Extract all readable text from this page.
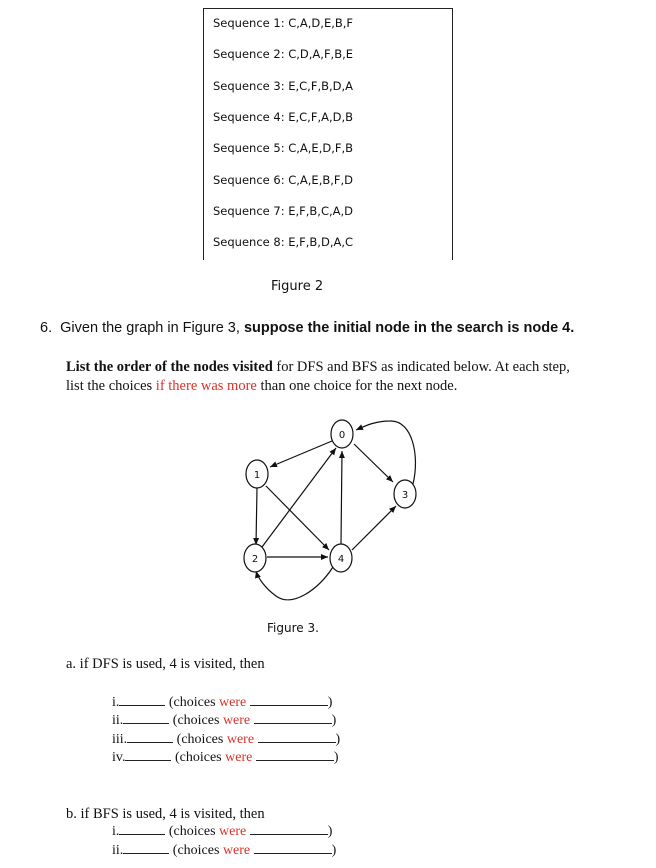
Sequence 1: C,A,D,E,B,F
Sequence 2: C,D,A,F,B,E
Sequence 3: E,C,F,B,D,A
Sequence 4: E,C,F,A,D,B
Sequence 5: C,A,E,D,F,B
Sequence 6: C,A,E,B,F,D
Sequence 7: E,F,B,C,A,D
Sequence 8: E,F,B,D,A,C
Figure 2
6. Given the graph in Figure 3, suppose the initial node in the search is node 4.
List the order of the nodes visited for DFS and BFS as indicated below. At each step,
list the choices if there was more than one choice for the next node.
0
1
2
3
4
Figure 3.
a. if DFS is used, 4 is visited, then
i.	(choices were	)
ii.	(choices were	)
iii.	(choices were	)
iv.	(choices were	)
b. if BFS is used, 4 is visited, then
i.	(choices were	)
ii.	(choices were	)
